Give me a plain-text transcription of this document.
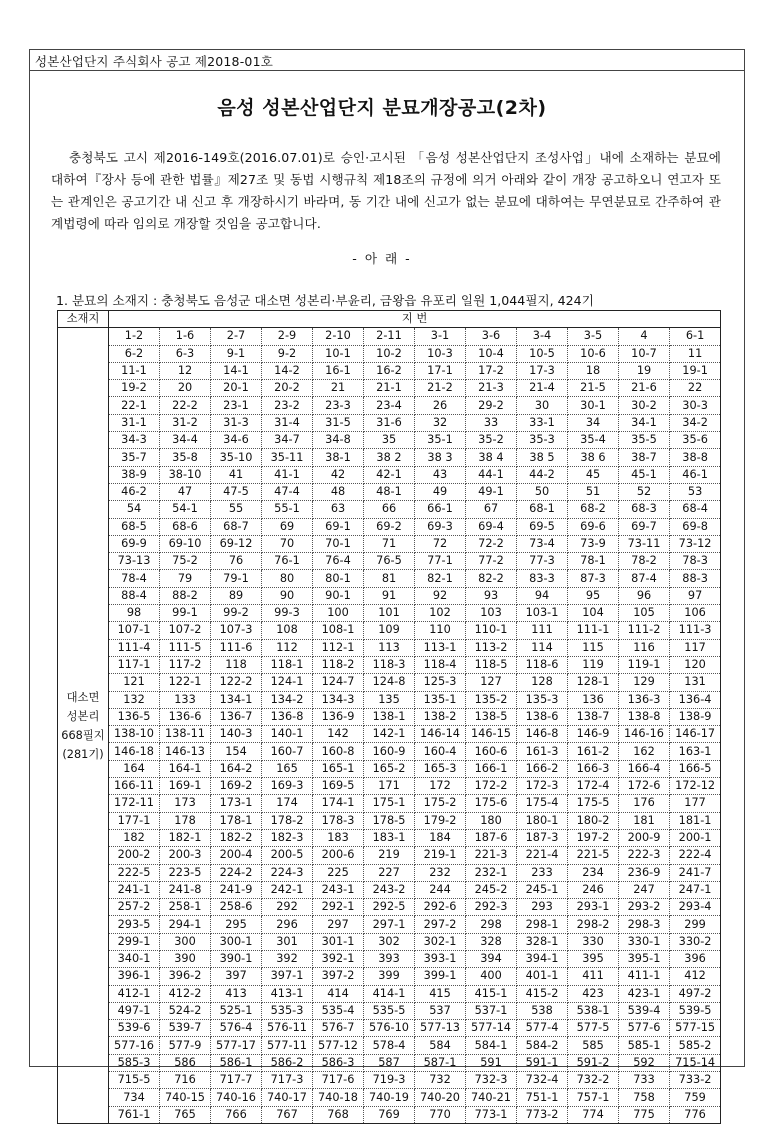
성본산업단지 주식회사 공고 제2018-01호
음성 성본산업단지 분묘개장공고(2차)

충청북도 고시 제2016-149호(2016.07.01)로 승인·고시된 「음성 성본산업단지 조성사업」내에 소재하는 분묘에 대하여『장사 등에 관한 법률』제27조 및 동법 시행규칙 제18조의 규정에 의거 아래와 같이 개장 공고하오니 연고자 또는 관계인은 공고기간 내 신고 후 개장하시기 바라며, 동 기간 내에 신고가 없는 분묘에 대하여는 무연분묘로 간주하여 관계법령에 따라 임의로 개장할 것임을 공고합니다.

- 아 래 -
1. 분묘의 소재지 : 충청북도 음성군 대소면 성본리·부윤리, 금왕읍 유포리 일원 1,044필지, 424기
소재지	지 번											

대소면
성본리
668필지
(281기)	1-2	1-6	2-7	2-9	2-10	2-11	3-1	3-6	3-4	3-5	4	6-1
	6-2	6-3	9-1	9-2	10-1	10-2	10-3	10-4	10-5	10-6	10-7	11
	11-1	12	14-1	14-2	16-1	16-2	17-1	17-2	17-3	18	19	19-1
	19-2	20	20-1	20-2	21	21-1	21-2	21-3	21-4	21-5	21-6	22
	22-1	22-2	23-1	23-2	23-3	23-4	26	29-2	30	30-1	30-2	30-3
	31-1	31-2	31-3	31-4	31-5	31-6	32	33	33-1	34	34-1	34-2
	34-3	34-4	34-6	34-7	34-8	35	35-1	35-2	35-3	35-4	35-5	35-6
	35-7	35-8	35-10	35-11	38-1	38 2	38 3	38 4	38 5	38 6	38-7	38-8
	38-9	38-10	41	41-1	42	42-1	43	44-1	44-2	45	45-1	46-1
	46-2	47	47-5	47-4	48	48-1	49	49-1	50	51	52	53
	54	54-1	55	55-1	63	66	66-1	67	68-1	68-2	68-3	68-4
	68-5	68-6	68-7	69	69-1	69-2	69-3	69-4	69-5	69-6	69-7	69-8
	69-9	69-10	69-12	70	70-1	71	72	72-2	73-4	73-9	73-11	73-12
	73-13	75-2	76	76-1	76-4	76-5	77-1	77-2	77-3	78-1	78-2	78-3
	78-4	79	79-1	80	80-1	81	82-1	82-2	83-3	87-3	87-4	88-3
	88-4	88-2	89	90	90-1	91	92	93	94	95	96	97
	98	99-1	99-2	99-3	100	101	102	103	103-1	104	105	106
	107-1	107-2	107-3	108	108-1	109	110	110-1	111	111-1	111-2	111-3
	111-4	111-5	111-6	112	112-1	113	113-1	113-2	114	115	116	117
	117-1	117-2	118	118-1	118-2	118-3	118-4	118-5	118-6	119	119-1	120
	121	122-1	122-2	124-1	124-7	124-8	125-3	127	128	128-1	129	131
	132	133	134-1	134-2	134-3	135	135-1	135-2	135-3	136	136-3	136-4
	136-5	136-6	136-7	136-8	136-9	138-1	138-2	138-5	138-6	138-7	138-8	138-9
	138-10	138-11	140-3	140-1	142	142-1	146-14	146-15	146-8	146-9	146-16	146-17
	146-18	146-13	154	160-7	160-8	160-9	160-4	160-6	161-3	161-2	162	163-1
	164	164-1	164-2	165	165-1	165-2	165-3	166-1	166-2	166-3	166-4	166-5
	166-11	169-1	169-2	169-3	169-5	171	172	172-2	172-3	172-4	172-6	172-12
	172-11	173	173-1	174	174-1	175-1	175-2	175-6	175-4	175-5	176	177
	177-1	178	178-1	178-2	178-3	178-5	179-2	180	180-1	180-2	181	181-1
	182	182-1	182-2	182-3	183	183-1	184	187-6	187-3	197-2	200-9	200-1
	200-2	200-3	200-4	200-5	200-6	219	219-1	221-3	221-4	221-5	222-3	222-4
	222-5	223-5	224-2	224-3	225	227	232	232-1	233	234	236-9	241-7
	241-1	241-8	241-9	242-1	243-1	243-2	244	245-2	245-1	246	247	247-1
	257-2	258-1	258-6	292	292-1	292-5	292-6	292-3	293	293-1	293-2	293-4
	293-5	294-1	295	296	297	297-1	297-2	298	298-1	298-2	298-3	299
	299-1	300	300-1	301	301-1	302	302-1	328	328-1	330	330-1	330-2
	340-1	390	390-1	392	392-1	393	393-1	394	394-1	395	395-1	396
	396-1	396-2	397	397-1	397-2	399	399-1	400	401-1	411	411-1	412
	412-1	412-2	413	413-1	414	414-1	415	415-1	415-2	423	423-1	497-2
	497-1	524-2	525-1	535-3	535-4	535-5	537	537-1	538	538-1	539-4	539-5
	539-6	539-7	576-4	576-11	576-7	576-10	577-13	577-14	577-4	577-5	577-6	577-15
	577-16	577-9	577-17	577-11	577-12	578-4	584	584-1	584-2	585	585-1	585-2
	585-3	586	586-1	586-2	586-3	587	587-1	591	591-1	591-2	592	715-14
	715-5	716	717-7	717-3	717-6	719-3	732	732-3	732-4	732-2	733	733-2
	734	740-15	740-16	740-17	740-18	740-19	740-20	740-21	751-1	757-1	758	759
	761-1	765	766	767	768	769	770	773-1	773-2	774	775	776
